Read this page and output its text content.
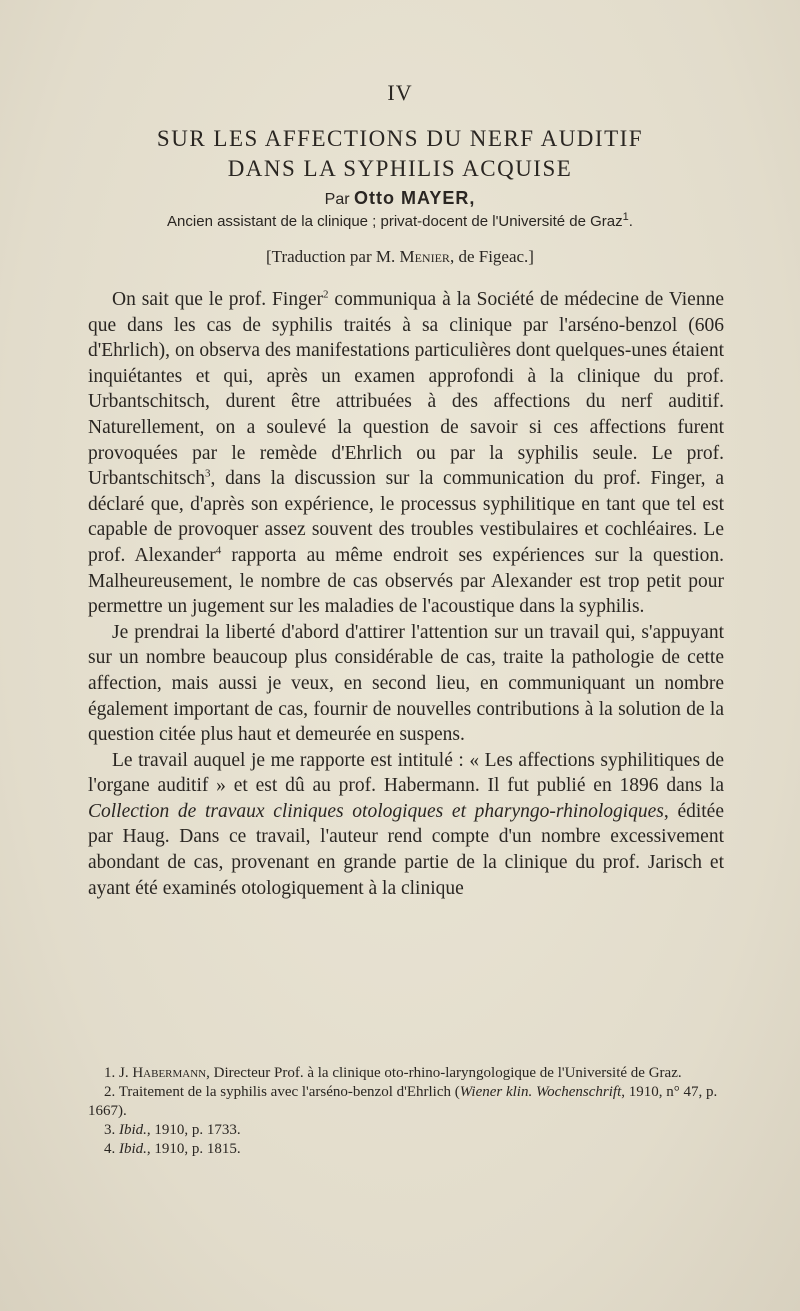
IV
SUR LES AFFECTIONS DU NERF AUDITIF
DANS LA SYPHILIS ACQUISE
Par Otto MAYER,
Ancien assistant de la clinique ; privat-docent de l'Université de Graz$^1$.
[Traduction par M. Menier, de Figeac.]

On sait que le prof. Finger$^2$ communiqua à la Société de médecine de Vienne que dans les cas de syphilis traités à sa clinique par l'arséno-benzol (606 d'Ehrlich), on observa des manifestations particulières dont quelques-unes étaient inquiétantes et qui, après un examen approfondi à la clinique du prof. Urbantschitsch, durent être attribuées à des affections du nerf auditif. Naturellement, on a soulevé la question de savoir si ces affections furent provoquées par le remède d'Ehrlich ou par la syphilis seule. Le prof. Urbantschitsch$^3$, dans la discussion sur la communication du prof. Finger, a déclaré que, d'après son expérience, le processus syphilitique en tant que tel est capable de provoquer assez souvent des troubles vestibulaires et cochléaires. Le prof. Alexander$^4$ rapporta au même endroit ses expériences sur la question. Malheureusement, le nombre de cas observés par Alexander est trop petit pour permettre un jugement sur les maladies de l'acoustique dans la syphilis.

Je prendrai la liberté d'abord d'attirer l'attention sur un travail qui, s'appuyant sur un nombre beaucoup plus considérable de cas, traite la pathologie de cette affection, mais aussi je veux, en second lieu, en communiquant un nombre également important de cas, fournir de nouvelles contributions à la solution de la question citée plus haut et demeurée en suspens.

Le travail auquel je me rapporte est intitulé : « Les affections syphilitiques de l'organe auditif » et est dû au prof. Habermann. Il fut publié en 1896 dans la Collection de travaux cliniques otologiques et pharyngo-rhinologiques, éditée par Haug. Dans ce travail, l'auteur rend compte d'un nombre excessivement abondant de cas, provenant en grande partie de la clinique du prof. Jarisch et ayant été examinés otologiquement à la clinique

1. J. Habermann, Directeur Prof. à la clinique oto-rhino-laryngologique de l'Université de Graz.

2. Traitement de la syphilis avec l'arséno-benzol d'Ehrlich (Wiener klin. Wochenschrift, 1910, n° 47, p. 1667).

3. Ibid., 1910, p. 1733.

4. Ibid., 1910, p. 1815.
